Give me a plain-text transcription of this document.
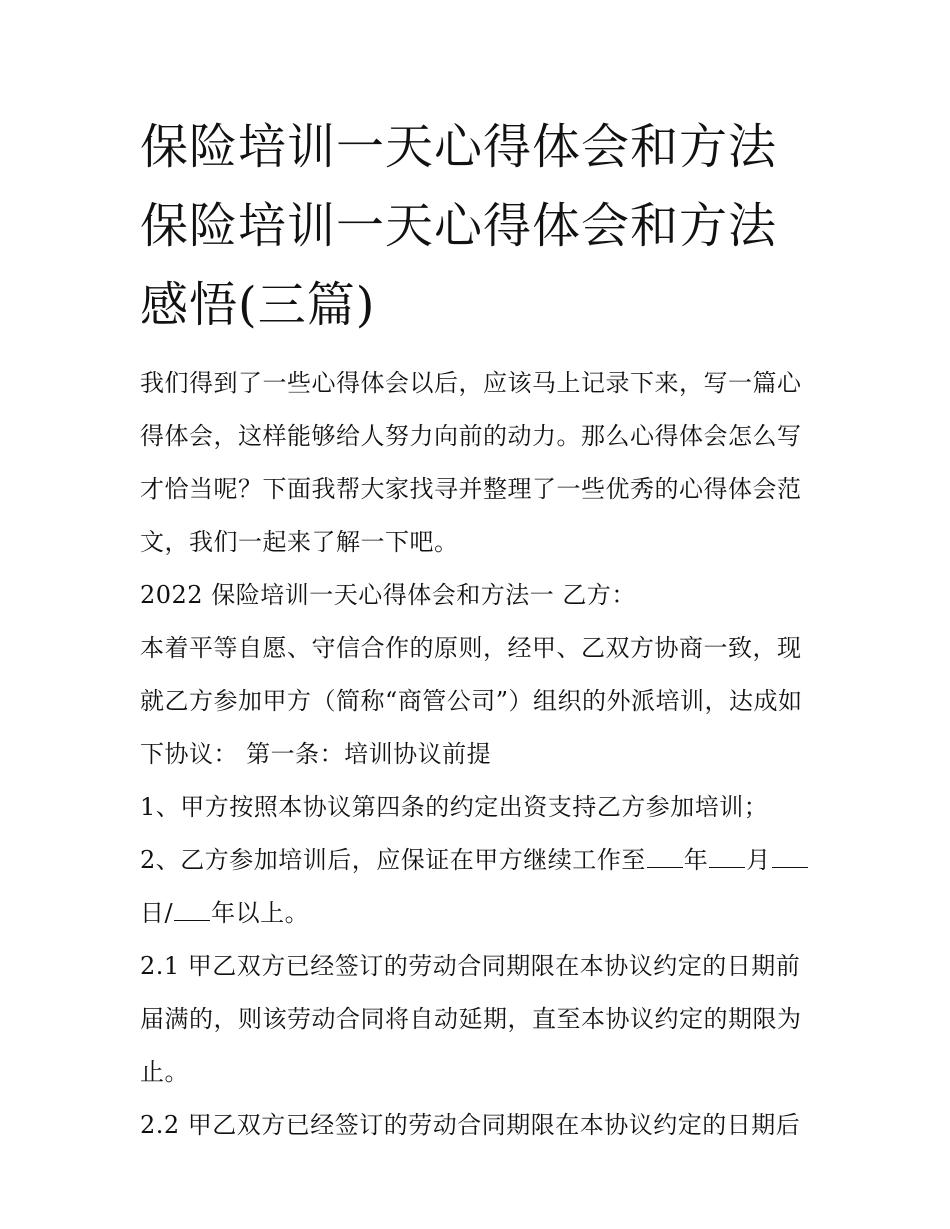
保险培训一天心得体会和方法
保险培训一天心得体会和方法
感悟(三篇)

我们得到了一些心得体会以后，应该马上记录下来，写一篇心得体会，这样能够给人努力向前的动力。那么心得体会怎么写才恰当呢？下面我帮大家找寻并整理了一些优秀的心得体会范文，我们一起来了解一下吧。

2022 保险培训一天心得体会和方法一 乙方：

本着平等自愿、守信合作的原则，经甲、乙双方协商一致，现就乙方参加甲方（简称“商管公司”）组织的外派培训，达成如下协议： 第一条：培训协议前提

1、甲方按照本协议第四条的约定出资支持乙方参加培训；

2、乙方参加培训后，应保证在甲方继续工作至 年 月日/ 年以上。

2.1 甲乙双方已经签订的劳动合同期限在本协议约定的日期前届满的，则该劳动合同将自动延期，直至本协议约定的期限为止。

2.2 甲乙双方已经签订的劳动合同期限在本协议约定的日期后
